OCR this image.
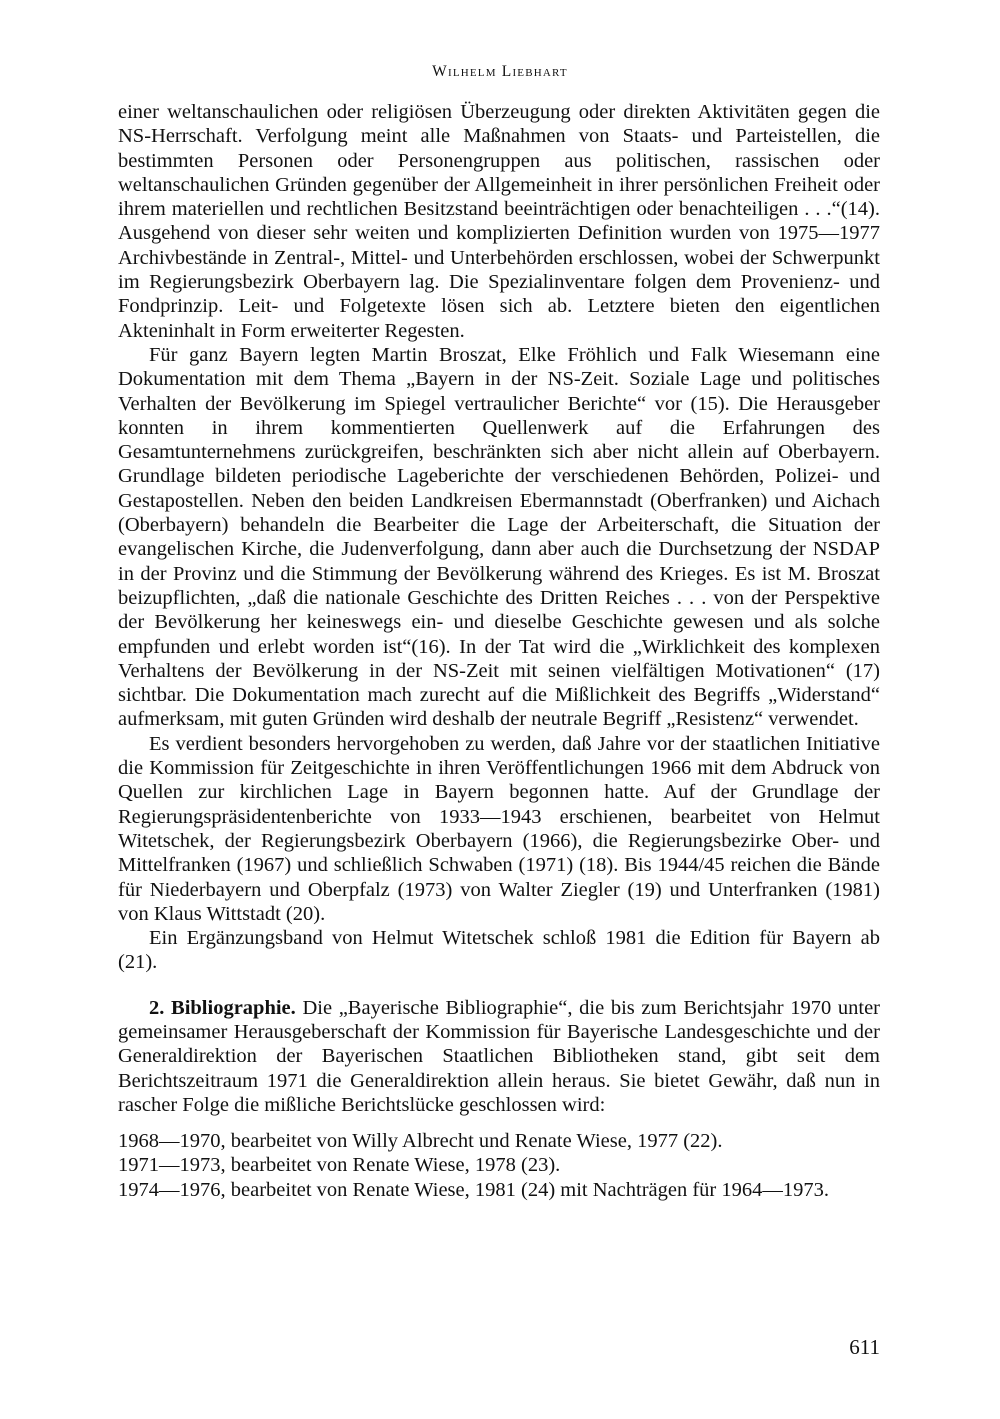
Wilhelm Liebhart

einer weltanschaulichen oder religiösen Überzeugung oder direkten Aktivitäten gegen die NS-Herrschaft. Verfolgung meint alle Maßnahmen von Staats- und Parteistellen, die bestimmten Personen oder Personengruppen aus politischen, rassischen oder weltanschaulichen Gründen gegenüber der Allgemeinheit in ihrer persönlichen Freiheit oder ihrem materiellen und rechtlichen Besitzstand beeinträchtigen oder benachteiligen . . .“(14). Ausgehend von dieser sehr weiten und komplizierten Definition wurden von 1975—1977 Archivbestände in Zentral-, Mittel- und Unterbehörden erschlossen, wobei der Schwerpunkt im Regierungsbezirk Oberbayern lag. Die Spezialinventare folgen dem Provenienz- und Fondprinzip. Leit- und Folgetexte lösen sich ab. Letztere bieten den eigentlichen Akteninhalt in Form erweiterter Regesten.

Für ganz Bayern legten Martin Broszat, Elke Fröhlich und Falk Wiesemann eine Dokumentation mit dem Thema „Bayern in der NS-Zeit. Soziale Lage und politisches Verhalten der Bevölkerung im Spiegel vertraulicher Berichte“ vor (15). Die Herausgeber konnten in ihrem kommentierten Quellenwerk auf die Erfahrungen des Gesamtunternehmens zurückgreifen, beschränkten sich aber nicht allein auf Oberbayern. Grundlage bildeten periodische Lageberichte der verschiedenen Behörden, Polizei- und Gestapostellen. Neben den beiden Landkreisen Ebermannstadt (Oberfranken) und Aichach (Oberbayern) behandeln die Bearbeiter die Lage der Arbeiterschaft, die Situation der evangelischen Kirche, die Judenverfolgung, dann aber auch die Durchsetzung der NSDAP in der Provinz und die Stimmung der Bevölkerung während des Krieges. Es ist M. Broszat beizupflichten, „daß die nationale Geschichte des Dritten Reiches . . . von der Perspektive der Bevölkerung her keineswegs ein- und dieselbe Geschichte gewesen und als solche empfunden und erlebt worden ist“(16). In der Tat wird die „Wirklichkeit des komplexen Verhaltens der Bevölkerung in der NS-Zeit mit seinen vielfältigen Motivationen“ (17) sichtbar. Die Dokumentation mach zurecht auf die Mißlichkeit des Begriffs „Widerstand“ aufmerksam, mit guten Gründen wird deshalb der neutrale Begriff „Resistenz“ verwendet.

Es verdient besonders hervorgehoben zu werden, daß Jahre vor der staatlichen Initiative die Kommission für Zeitgeschichte in ihren Veröffentlichungen 1966 mit dem Abdruck von Quellen zur kirchlichen Lage in Bayern begonnen hatte. Auf der Grundlage der Regierungspräsidentenberichte von 1933—1943 erschienen, bearbeitet von Helmut Witetschek, der Regierungsbezirk Oberbayern (1966), die Regierungsbezirke Ober- und Mittelfranken (1967) und schließlich Schwaben (1971) (18). Bis 1944/45 reichen die Bände für Niederbayern und Oberpfalz (1973) von Walter Ziegler (19) und Unterfranken (1981) von Klaus Wittstadt (20).

Ein Ergänzungsband von Helmut Witetschek schloß 1981 die Edition für Bayern ab (21).

2. Bibliographie. Die „Bayerische Bibliographie“, die bis zum Berichtsjahr 1970 unter gemeinsamer Herausgeberschaft der Kommission für Bayerische Landesgeschichte und der Generaldirektion der Bayerischen Staatlichen Bibliotheken stand, gibt seit dem Berichtszeitraum 1971 die Generaldirektion allein heraus. Sie bietet Gewähr, daß nun in rascher Folge die mißliche Berichtslücke geschlossen wird:

1968—1970, bearbeitet von Willy Albrecht und Renate Wiese, 1977 (22).

1971—1973, bearbeitet von Renate Wiese, 1978 (23).

1974—1976, bearbeitet von Renate Wiese, 1981 (24) mit Nachträgen für 1964—1973.

611
